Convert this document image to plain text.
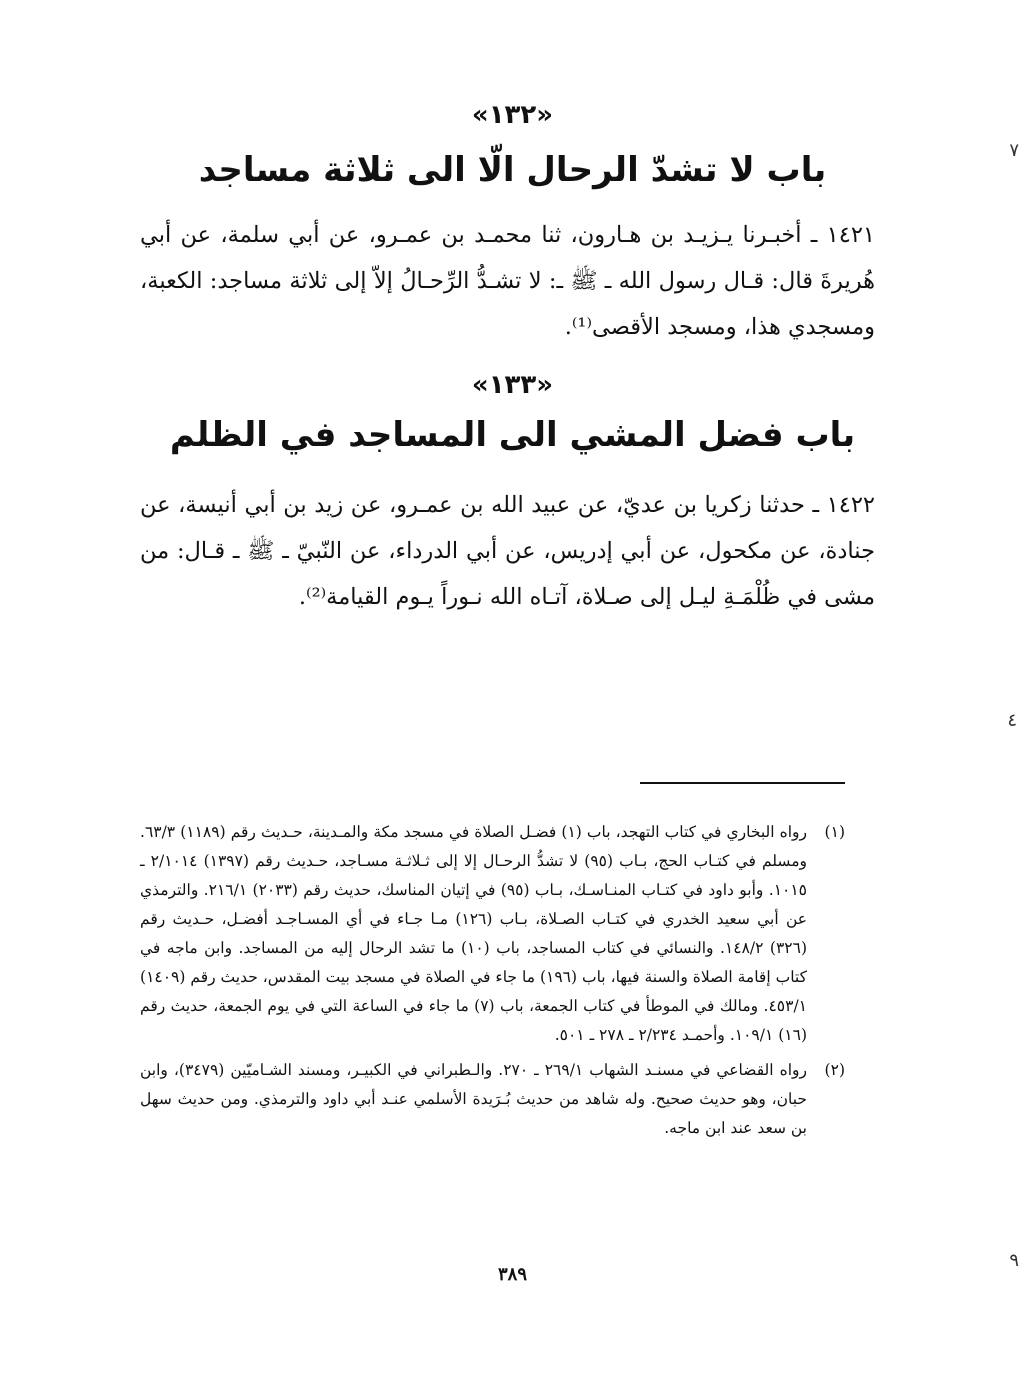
«١٣٢»
باب لا تشدّ الرحال الّا الى ثلاثة مساجد
١٤٢١ ـ أخبـرنا يـزيـد بن هـارون، ثنا محمـد بن عمـرو، عن أبي سلمة، عن أبي هُريرةَ قال: قـال رسول الله ـ ﷺ ـ: لا تشـدُّ الرِّحـالُ إلاّ إلى ثلاثة مساجد: الكعبة، ومسجدي هذا، ومسجد الأقصى⁽¹⁾.
«١٣٣»
باب فضل المشي الى المساجد في الظلم
١٤٢٢ ـ حدثنا زكريا بن عديّ، عن عبيد الله بن عمـرو، عن زيد بن أبي أنيسة، عن جنادة، عن مكحول، عن أبي إدريس، عن أبي الدرداء، عن النّبيّ ـ ﷺ ـ قـال: من مشى في ظُلْمَـةِ ليـل إلى صـلاة، آتـاه الله نـوراً يـوم القيامة⁽²⁾.
(١)
رواه البخاري في كتاب التهجد، باب (١) فضـل الصلاة في مسجد مكة والمـدينة، حـديث رقم (١١٨٩) ٦٣/٣. ومسلم في كتـاب الحج، بـاب (٩٥) لا تشدُّ الرحـال إلا إلى ثـلاثـة مسـاجد، حـديث رقم (١٣٩٧) ٢/١٠١٤ ـ ١٠١٥. وأبو داود في كتـاب المنـاسـك، بـاب (٩٥) في إتيان المناسك، حديث رقم (٢٠٣٣) ٢١٦/١. والترمذي عن أبي سعيد الخدري في كتـاب الصـلاة، بـاب (١٢٦) مـا جـاء في أي المسـاجـد أفضـل، حـديث رقم (٣٢٦) ١٤٨/٢. والنسائي في كتاب المساجد، باب (١٠) ما تشد الرحال إليه من المساجد. وابن ماجه في كتاب إقامة الصلاة والسنة فيها، باب (١٩٦) ما جاء في الصلاة في مسجد بيت المقدس، حديث رقم (١٤٠٩) ٤٥٣/١. ومالك في الموطأ في كتاب الجمعة، باب (٧) ما جاء في الساعة التي في يوم الجمعة، حديث رقم (١٦) ١٠٩/١. وأحمـد ٢/٢٣٤ ـ ٢٧٨ ـ ٥٠١.
(٢)
رواه القضاعي في مسنـد الشهاب ٢٦٩/١ ـ ٢٧٠. والـطبراني في الكبيـر، ومسند الشـاميّين (٣٤٧٩)، وابن حبان، وهو حديث صحيح. وله شاهد من حديث بُـرَيدة الأسلمي عنـد أبي داود والترمذي. ومن حديث سهل بن سعد عند ابن ماجه.
٣٨٩
٧
٤
٩
